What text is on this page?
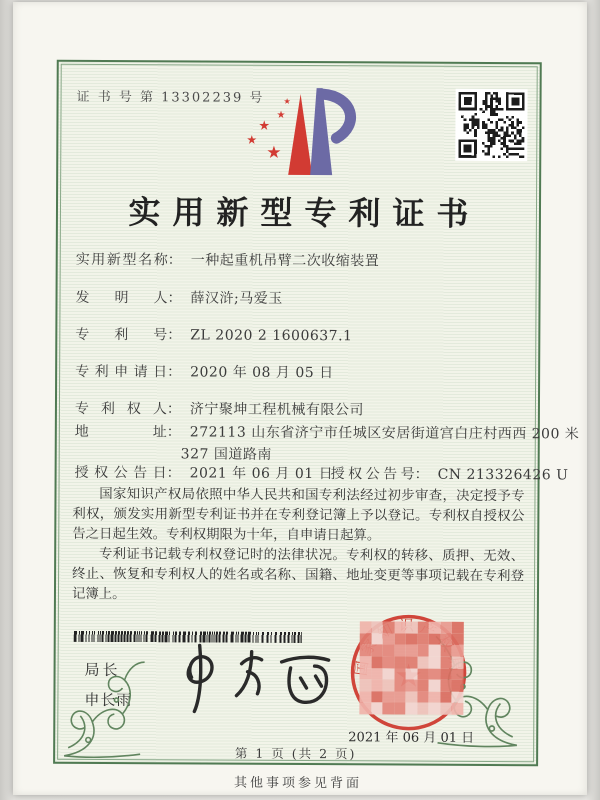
证 书 号 第 13302239 号
★
★
★
★
★
实用新型专利证书
实用新型名称： 一种起重机吊臂二次收缩装置
发明人： 薛汉浒;马爱玉
专利号： ZL 2020 2 1600637.1
专利申请日： 2020 年 08 月 05 日
专利权人： 济宁聚坤工程机械有限公司
地址： 272113 山东省济宁市任城区安居街道宫白庄村西西 200 米
327 国道路南
授权公告日： 2021 年 06 月 01 日
授权公告号： CN 213326426 U

国家知识产权局依照中华人民共和国专利法经过初步审查，决定授予专利权，颁发实用新型专利证书并在专利登记簿上予以登记。专利权自授权公告之日起生效。专利权期限为十年，自申请日起算。

专利证书记载专利权登记时的法律状况。专利权的转移、质押、无效、终止、恢复和专利权人的姓名或名称、国籍、地址变更等事项记载在专利登记簿上。

局长
申长雨
2021 年 06 月 01 日
第 1 页 (共 2 页)
其他事项参见背面
